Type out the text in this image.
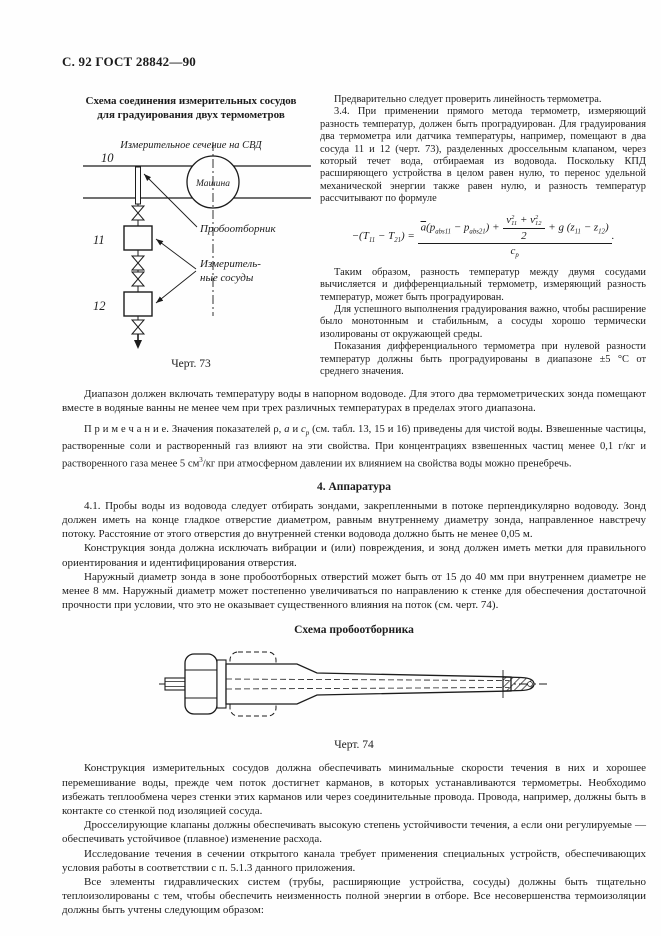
С. 92 ГОСТ 28842—90
Схема соединения измерительных сосудов
для градуирования двух термометров
Измерительное сечение на СВД
10
Машина
11
12
Пробоотборник
Измеритель-
ные сосуды
Черт. 73

Предварительно следует проверить линейность термометра.

3.4. При применении прямого метода термометр, измеряющий разность температур, должен быть проградуирован. Для градуирования два термометра или датчика температуры, например, помещают в два сосуда 11 и 12 (черт. 73), разделенных дроссельным клапаном, через который течет вода, отбираемая из водовода. Поскольку КПД расширяющего устройства в целом равен нулю, то перенос удельной механической энергии также равен нулю, и разность температур рассчитывают по формуле

$-(T_{11} - T_{21}) = \overline{a}(p_{abs11} - p_{abs21}) + v$ 2
11 + v 2
12
2 + g $(z_{11} - z_{12})$
$c_p$ .

Таким образом, разность температур между двумя сосудами вычисляется и дифференциальный термометр, измеряющий разность температур, может быть проградуирован.

Для успешного выполнения градуирования важно, чтобы расширение было монотонным и стабильным, а сосуды хорошо термически изолированы от окружающей среды.

Показания дифференциального термометра при нулевой разности температур должны быть проградуированы в диапазоне ±5 °С от среднего значения.

Диапазон должен включать температуру воды в напорном водоводе. Для этого два термометрических зонда помещают вместе в водяные ванны не менее чем при трех различных температурах в пределах этого диапазона.

П р и м е ч а н и е. Значения показателей ρ, а и $c_p$ (см. табл. 13, 15 и 16) приведены для чистой воды. Взвешенные частицы, растворенные соли и растворенный газ влияют на эти свойства. При концентрациях взвешенных частиц менее 0,1 г/кг и растворенного газа менее 5 $см^3/кг$ при атмосферном давлении их влиянием на свойства воды можно пренебречь.

4. Аппаратура

4.1. Пробы воды из водовода следует отбирать зондами, закрепленными в потоке перпендикулярно водоводу. Зонд должен иметь на конце гладкое отверстие диаметром, равным внутреннему диаметру зонда, направленное навстречу потоку. Расстояние от этого отверстия до внутренней стенки водовода должно быть не менее 0,05 м.

Конструкция зонда должна исключать вибрации и (или) повреждения, и зонд должен иметь метки для правильного ориентирования и идентифицирования отверстия.

Наружный диаметр зонда в зоне пробоотборных отверстий может быть от 15 до 40 мм при внутреннем диаметре не менее 8 мм. Наружный диаметр может постепенно увеличиваться по направлению к стенке для обеспечения достаточной прочности при условии, что это не оказывает существенного влияния на поток (см. черт. 74).

Схема пробоотборника
Черт. 74

Конструкция измерительных сосудов должна обеспечивать минимальные скорости течения в них и хорошее перемешивание воды, прежде чем поток достигнет карманов, в которых устанавливаются термометры. Необходимо избежать теплообмена через стенки этих карманов или через соединительные провода. Провода, например, должны быть в контакте со стенкой под изоляцией сосуда.

Дросселирующие клапаны должны обеспечивать высокую степень устойчивости течения, а если они регулируемые — обеспечивать устойчивое (плавное) изменение расхода.

Исследование течения в сечении открытого канала требует применения специальных устройств, обеспечивающих условия работы в соответствии с п. 5.1.3 данного приложения.

Все элементы гидравлических систем (трубы, расширяющие устройства, сосуды) должны быть тщательно теплоизолированы с тем, чтобы обеспечить неизменность полной энергии в отборе. Все несовершенства термоизоляции должны быть учтены следующим образом:
